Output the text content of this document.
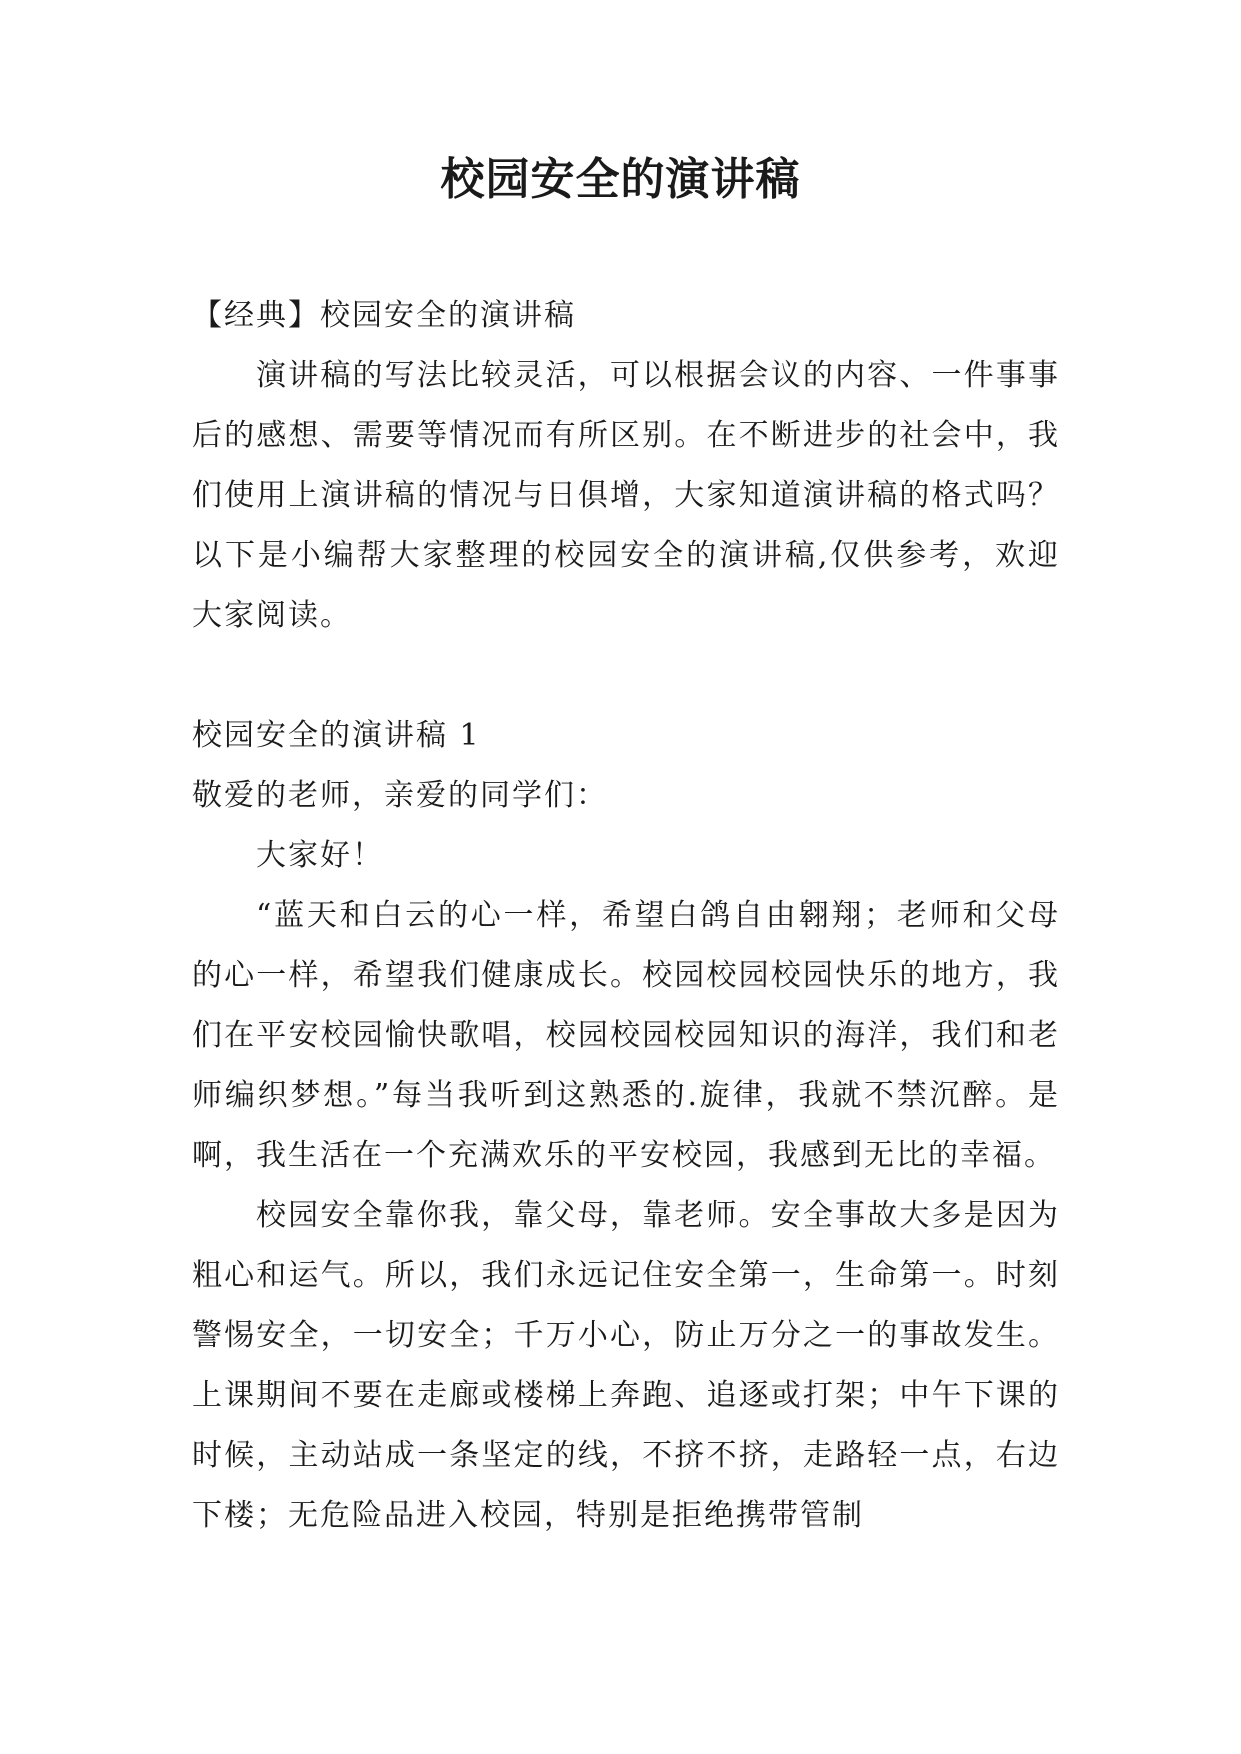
校园安全的演讲稿

【经典】校园安全的演讲稿

演讲稿的写法比较灵活，可以根据会议的内容、一件事事后的感想、需要等情况而有所区别。在不断进步的社会中，我们使用上演讲稿的情况与日俱增，大家知道演讲稿的格式吗？以下是小编帮大家整理的校园安全的演讲稿,仅供参考，欢迎大家阅读。

校园安全的演讲稿 1

敬爱的老师，亲爱的同学们：

大家好！

“蓝天和白云的心一样，希望白鸽自由翱翔；老师和父母的心一样，希望我们健康成长。校园校园校园快乐的地方，我们在平安校园愉快歌唱，校园校园校园知识的海洋，我们和老师编织梦想。”每当我听到这熟悉的.旋律，我就不禁沉醉。是啊，我生活在一个充满欢乐的平安校园，我感到无比的幸福。

校园安全靠你我，靠父母，靠老师。安全事故大多是因为粗心和运气。所以，我们永远记住安全第一，生命第一。时刻警惕安全，一切安全；千万小心，防止万分之一的事故发生。上课期间不要在走廊或楼梯上奔跑、追逐或打架；中午下课的时候，主动站成一条坚定的线，不挤不挤，走路轻一点，右边下楼；无危险品进入校园，特别是拒绝携带管制
